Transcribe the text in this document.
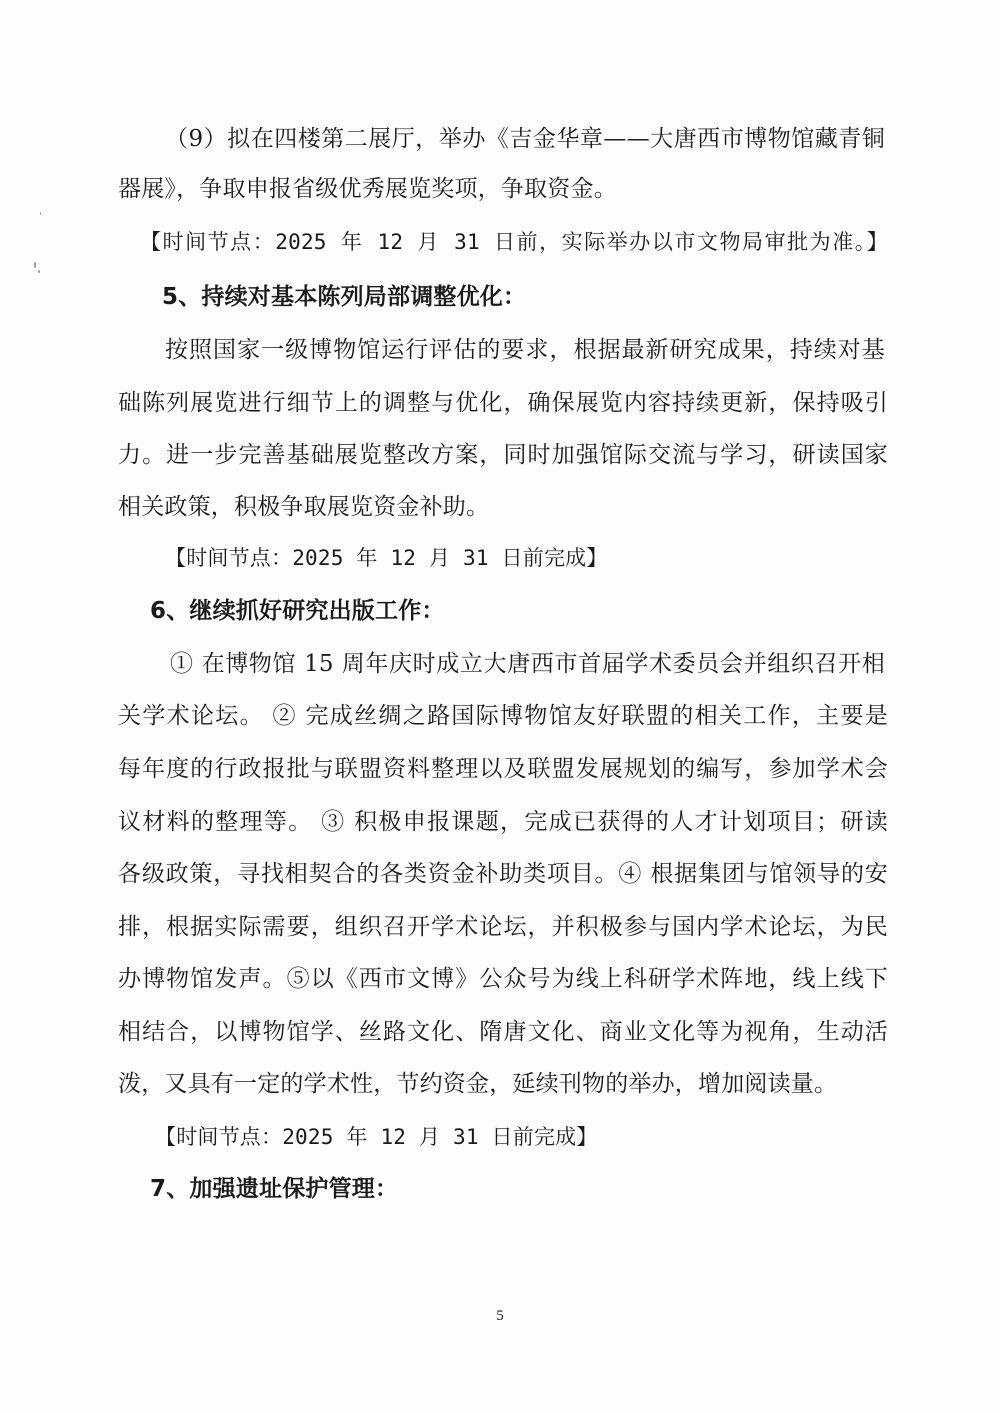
（9）拟在四楼第二展厅，举办《吉金华章——大唐西市博物馆藏青铜
器展》，争取申报省级优秀展览奖项，争取资金。
【时间节点：2025 年 12 月 31 日前，实际举办以市文物局审批为准。】
5、持续对基本陈列局部调整优化：
按照国家一级博物馆运行评估的要求，根据最新研究成果，持续对基
础陈列展览进行细节上的调整与优化，确保展览内容持续更新，保持吸引
力。进一步完善基础展览整改方案，同时加强馆际交流与学习，研读国家
相关政策，积极争取展览资金补助。
【时间节点：2025 年 12 月 31 日前完成】
6、继续抓好研究出版工作：
① 在博物馆 15 周年庆时成立大唐西市首届学术委员会并组织召开相
关学术论坛。 ② 完成丝绸之路国际博物馆友好联盟的相关工作，主要是
每年度的行政报批与联盟资料整理以及联盟发展规划的编写，参加学术会
议材料的整理等。 ③ 积极申报课题，完成已获得的人才计划项目；研读
各级政策，寻找相契合的各类资金补助类项目。④ 根据集团与馆领导的安
排，根据实际需要，组织召开学术论坛，并积极参与国内学术论坛，为民
办博物馆发声。⑤以《西市文博》公众号为线上科研学术阵地，线上线下
相结合，以博物馆学、丝路文化、隋唐文化、商业文化等为视角，生动活
泼，又具有一定的学术性，节约资金，延续刊物的举办，增加阅读量。
【时间节点：2025 年 12 月 31 日前完成】
7、加强遗址保护管理：
5
